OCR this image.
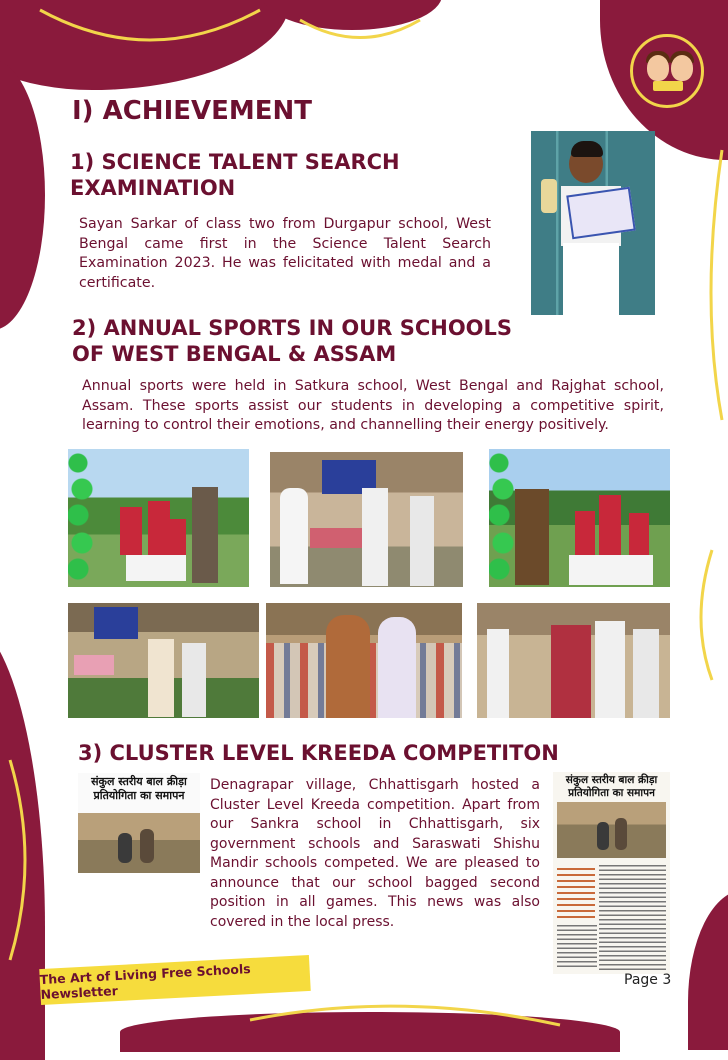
I) ACHIEVEMENT
1) SCIENCE TALENT SEARCH EXAMINATION

Sayan Sarkar of class two from Durgapur school, West Bengal came first in the Science Talent Search Examination 2023. He was felicitated with medal and a certificate.

2) ANNUAL SPORTS IN OUR SCHOOLS OF WEST BENGAL & ASSAM

Annual sports were held in Satkura school, West Bengal and Rajghat school, Assam. These sports assist our students in developing a competitive spirit, learning to control their emotions, and channelling their energy positively.

3) CLUSTER LEVEL KREEDA COMPETITON
संकुल स्तरीय बाल क्रीड़ा प्रतियोगिता का समापन

Denagrapar village, Chhattisgarh hosted a Cluster Level Kreeda competition. Apart from our Sankra school in Chhattisgarh, six government schools and Saraswati Shishu Mandir schools competed. We are pleased to announce that our school bagged second position in all games. This news was also covered in the local press.

संकुल स्तरीय बाल क्रीड़ा प्रतियोगिता का समापन
The Art of Living Free Schools Newsletter
Page 3
